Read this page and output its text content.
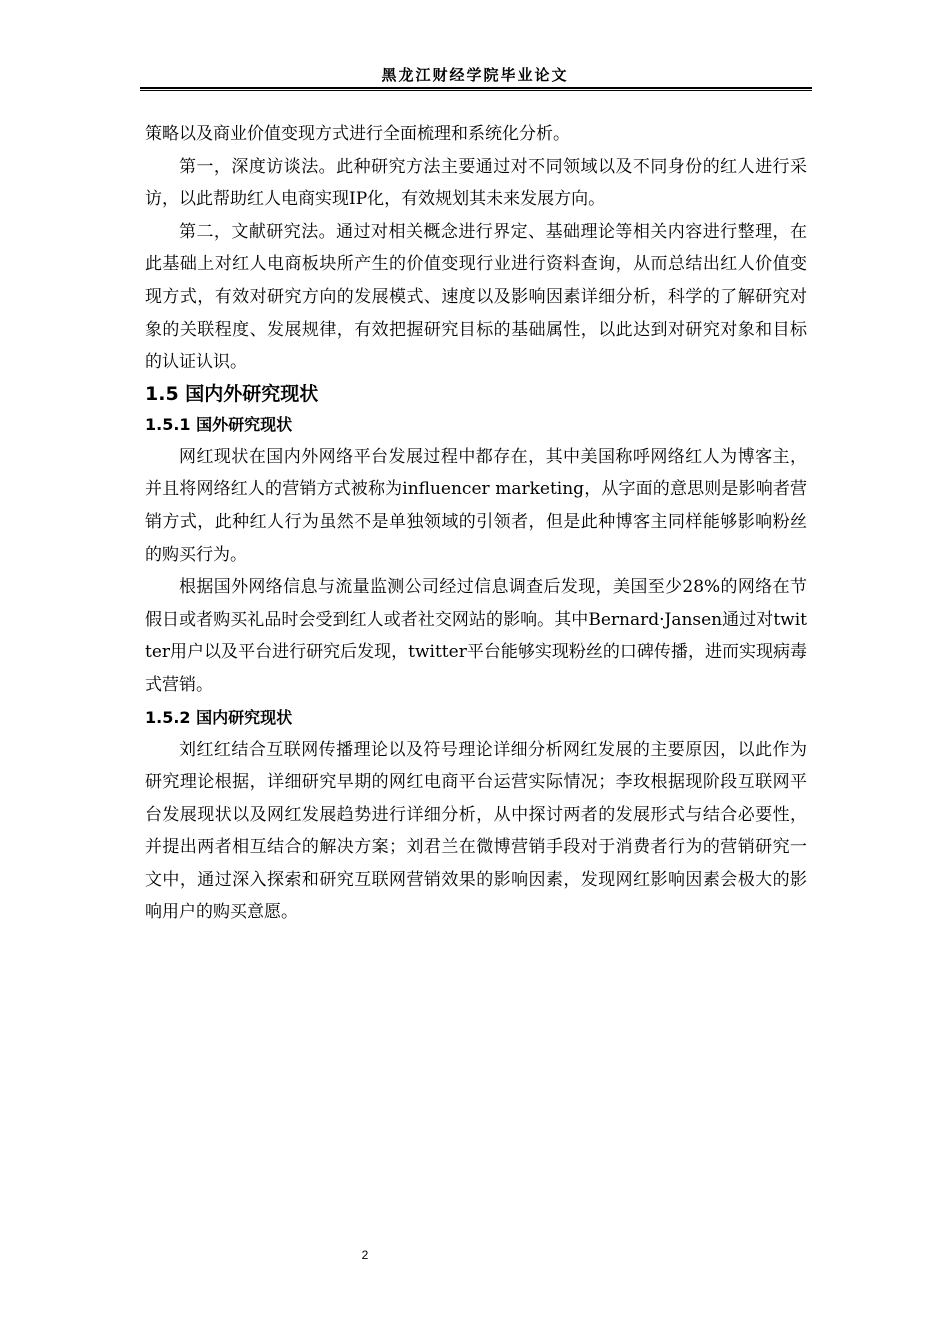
黑龙江财经学院毕业论文

策略以及商业价值变现方式进行全面梳理和系统化分析。

第一，深度访谈法。此种研究方法主要通过对不同领域以及不同身份的红人进行采访，以此帮助红人电商实现IP化，有效规划其未来发展方向。

第二，文献研究法。通过对相关概念进行界定、基础理论等相关内容进行整理，在此基础上对红人电商板块所产生的价值变现行业进行资料查询，从而总结出红人价值变现方式，有效对研究方向的发展模式、速度以及影响因素详细分析，科学的了解研究对象的关联程度、发展规律，有效把握研究目标的基础属性，以此达到对研究对象和目标的认证认识。

1.5 国内外研究现状
1.5.1 国外研究现状

网红现状在国内外网络平台发展过程中都存在，其中美国称呼网络红人为博客主，并且将网络红人的营销方式被称为influencer marketing，从字面的意思则是影响者营销方式，此种红人行为虽然不是单独领域的引领者，但是此种博客主同样能够影响粉丝的购买行为。

根据国外网络信息与流量监测公司经过信息调查后发现，美国至少28%的网络在节假日或者购买礼品时会受到红人或者社交网站的影响。其中Bernard·Jansen通过对twitter用户以及平台进行研究后发现，twitter平台能够实现粉丝的口碑传播，进而实现病毒式营销。

1.5.2 国内研究现状

刘红红结合互联网传播理论以及符号理论详细分析网红发展的主要原因，以此作为研究理论根据，详细研究早期的网红电商平台运营实际情况；李玫根据现阶段互联网平台发展现状以及网红发展趋势进行详细分析，从中探讨两者的发展形式与结合必要性，并提出两者相互结合的解决方案；刘君兰在微博营销手段对于消费者行为的营销研究一文中，通过深入探索和研究互联网营销效果的影响因素，发现网红影响因素会极大的影响用户的购买意愿。

2
